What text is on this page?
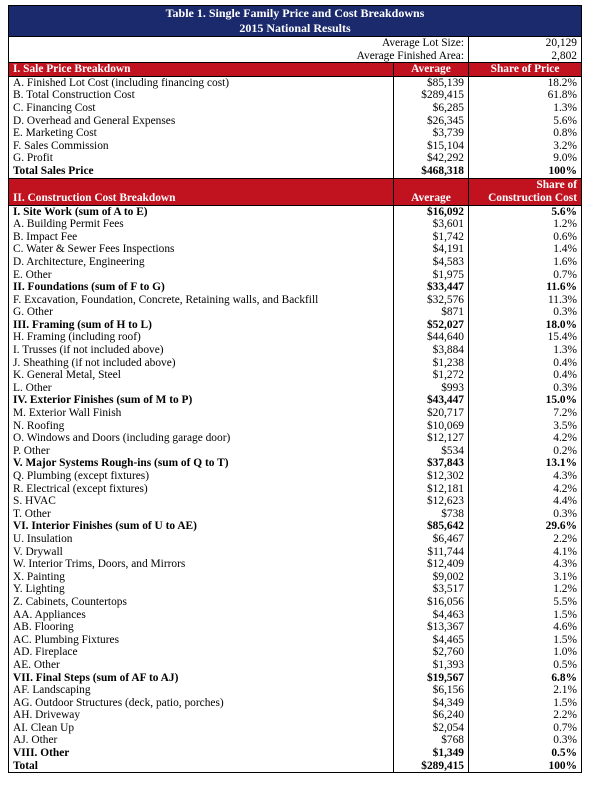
Table 1. Single Family Price and Cost Breakdowns
2015 National Results		

Average Lot Size:		20,129
Average Finished Area:		2,802
I. Sale Price Breakdown	Average	Share of Price
A. Finished Lot Cost (including financing cost)	$85,139	18.2%
B. Total Construction Cost	$289,415	61.8%
C. Financing Cost	$6,285	1.3%
D. Overhead and General Expenses	$26,345	5.6%
E. Marketing Cost	$3,739	0.8%
F. Sales Commission	$15,104	3.2%
G. Profit	$42,292	9.0%
Total Sales Price	$468,318	100%
		Share of
II. Construction Cost Breakdown	Average	Construction Cost
I. Site Work (sum of A to E)	$16,092	5.6%
A. Building Permit Fees	$3,601	1.2%
B. Impact Fee	$1,742	0.6%
C. Water & Sewer Fees Inspections	$4,191	1.4%
D. Architecture, Engineering	$4,583	1.6%
E. Other	$1,975	0.7%
II. Foundations (sum of F to G)	$33,447	11.6%
F. Excavation, Foundation, Concrete, Retaining walls, and Backfill	$32,576	11.3%
G. Other	$871	0.3%
III. Framing (sum of H to L)	$52,027	18.0%
H. Framing (including roof)	$44,640	15.4%
I. Trusses (if not included above)	$3,884	1.3%
J. Sheathing (if not included above)	$1,238	0.4%
K. General Metal, Steel	$1,272	0.4%
L. Other	$993	0.3%
IV. Exterior Finishes (sum of M to P)	$43,447	15.0%
M. Exterior Wall Finish	$20,717	7.2%
N. Roofing	$10,069	3.5%
O. Windows and Doors (including garage door)	$12,127	4.2%
P. Other	$534	0.2%
V. Major Systems Rough-ins (sum of Q to T)	$37,843	13.1%
Q. Plumbing (except fixtures)	$12,302	4.3%
R. Electrical (except fixtures)	$12,181	4.2%
S. HVAC	$12,623	4.4%
T. Other	$738	0.3%
VI. Interior Finishes (sum of U to AE)	$85,642	29.6%
U. Insulation	$6,467	2.2%
V. Drywall	$11,744	4.1%
W. Interior Trims, Doors, and Mirrors	$12,409	4.3%
X. Painting	$9,002	3.1%
Y. Lighting	$3,517	1.2%
Z. Cabinets, Countertops	$16,056	5.5%
AA. Appliances	$4,463	1.5%
AB. Flooring	$13,367	4.6%
AC. Plumbing Fixtures	$4,465	1.5%
AD. Fireplace	$2,760	1.0%
AE. Other	$1,393	0.5%
VII. Final Steps (sum of AF to AJ)	$19,567	6.8%
AF. Landscaping	$6,156	2.1%
AG. Outdoor Structures (deck, patio, porches)	$4,349	1.5%
AH. Driveway	$6,240	2.2%
AI. Clean Up	$2,054	0.7%
AJ. Other	$768	0.3%
VIII. Other	$1,349	0.5%
Total	$289,415	100%
